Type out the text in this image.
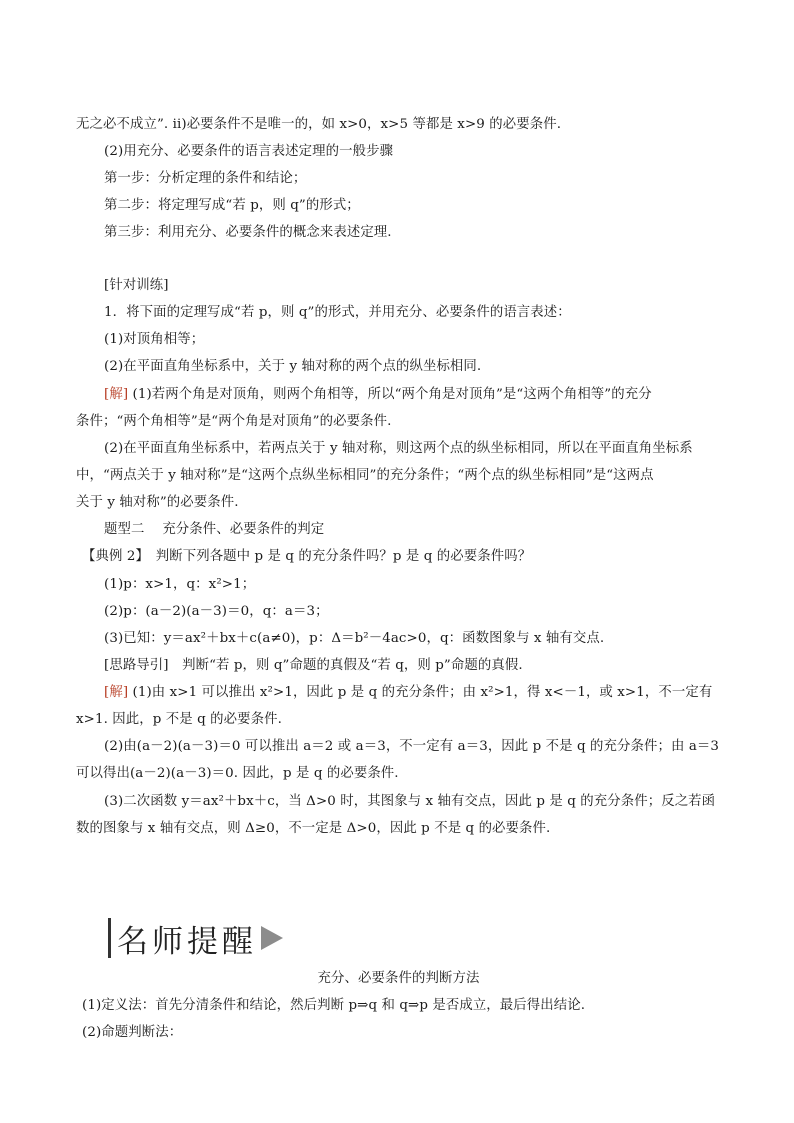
无之必不成立”. ii)必要条件不是唯一的，如 x>0，x>5 等都是 x>9 的必要条件.
(2)用充分、必要条件的语言表述定理的一般步骤
第一步：分析定理的条件和结论；
第二步：将定理写成“若 p，则 q”的形式；
第三步：利用充分、必要条件的概念来表述定理.
[针对训练]
1．将下面的定理写成“若 p，则 q”的形式，并用充分、必要条件的语言表述：
(1)对顶角相等；
(2)在平面直角坐标系中，关于 y 轴对称的两个点的纵坐标相同.
[解] (1)若两个角是对顶角，则两个角相等，所以“两个角是对顶角”是“这两个角相等”的充分
条件；“两个角相等”是“两个角是对顶角”的必要条件.
(2)在平面直角坐标系中，若两点关于 y 轴对称，则这两个点的纵坐标相同，所以在平面直角坐标系
中，“两点关于 y 轴对称”是“这两个点纵坐标相同”的充分条件；“两个点的纵坐标相同”是“这两点
关于 y 轴对称”的必要条件.
题型二　 充分条件、必要条件的判定
【典例 2】　判断下列各题中 p 是 q 的充分条件吗？p 是 q 的必要条件吗？
(1)p：x>1，q：x²>1；
(2)p：(a－2)(a－3)＝0，q：a＝3；
(3)已知：y＝ax²＋bx＋c(a≠0)，p：Δ＝b²－4ac>0，q：函数图象与 x 轴有交点.
[思路导引]　判断“若 p，则 q”命题的真假及“若 q，则 p”命题的真假.
[解] (1)由 x>1 可以推出 x²>1，因此 p 是 q 的充分条件；由 x²>1，得 x<－1，或 x>1，不一定有
x>1. 因此，p 不是 q 的必要条件.
(2)由(a－2)(a－3)＝0 可以推出 a＝2 或 a＝3，不一定有 a＝3，因此 p 不是 q 的充分条件；由 a＝3
可以得出(a－2)(a－3)＝0. 因此，p 是 q 的必要条件.
(3)二次函数 y＝ax²＋bx＋c，当 Δ>0 时，其图象与 x 轴有交点，因此 p 是 q 的充分条件；反之若函
数的图象与 x 轴有交点，则 Δ≥0，不一定是 Δ>0，因此 p 不是 q 的必要条件.
名师提醒
充分、必要条件的判断方法
(1)定义法：首先分清条件和结论，然后判断 p⇒q 和 q⇒p 是否成立，最后得出结论.
(2)命题判断法：
